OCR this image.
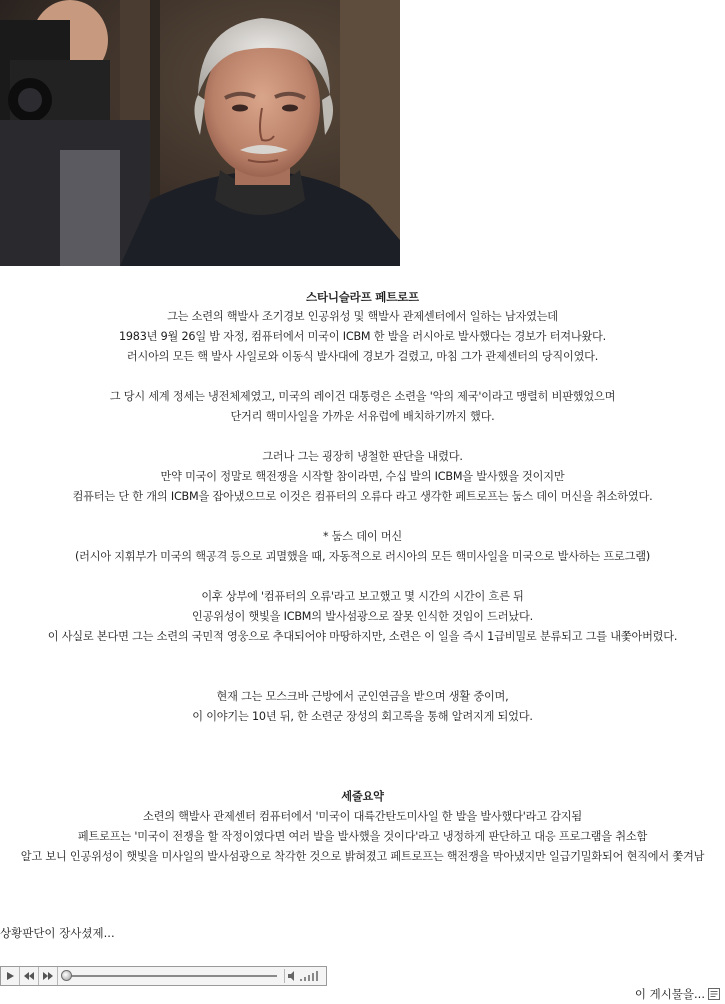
스타니슬라프 페트로프

그는 소련의 핵발사 조기경보 인공위성 및 핵발사 관제센터에서 일하는 남자였는데

1983년 9월 26일 밤 자정, 컴퓨터에서 미국이 ICBM 한 발을 러시아로 발사했다는 경보가 터져나왔다.

러시아의 모든 핵 발사 사일로와 이동식 발사대에 경보가 걸렸고, 마침 그가 관제센터의 당직이였다.

그 당시 세계 정세는 냉전체제였고, 미국의 레이건 대통령은 소련을 '악의 제국'이라고 맹렬히 비판했었으며

단거리 핵미사일을 가까운 서유럽에 배치하기까지 했다.

그러나 그는 굉장히 냉철한 판단을 내렸다.

만약 미국이 정말로 핵전쟁을 시작할 참이라면, 수십 발의 ICBM을 발사했을 것이지만

컴퓨터는 단 한 개의 ICBM을 잡아냈으므로 이것은 컴퓨터의 오류다 라고 생각한 페트로프는 둠스 데이 머신을 취소하였다.

* 둠스 데이 머신

(러시아 지휘부가 미국의 핵공격 등으로 괴멸했을 때, 자동적으로 러시아의 모든 핵미사일을 미국으로 발사하는 프로그램)

이후 상부에 '컴퓨터의 오류'라고 보고했고 몇 시간의 시간이 흐른 뒤

인공위성이 햇빛을 ICBM의 발사섬광으로 잘못 인식한 것임이 드러났다.

이 사실로 본다면 그는 소련의 국민적 영웅으로 추대되어야 마땅하지만, 소련은 이 일을 즉시 1급비밀로 분류되고 그를 내쫓아버렸다.

현재 그는 모스크바 근방에서 군인연금을 받으며 생활 중이며,

이 이야기는 10년 뒤, 한 소련군 장성의 회고록을 통해 알려지게 되었다.

세줄요약

소련의 핵발사 관제센터 컴퓨터에서 '미국이 대륙간탄도미사일 한 발을 발사했다'라고 감지됨

페트로프는 '미국이 전쟁을 할 작정이였다면 여러 발을 발사했을 것이다'라고 냉정하게 판단하고 대응 프로그램을 취소함

알고 보니 인공위성이 햇빛을 미사일의 발사섬광으로 착각한 것으로 밝혀졌고 페트로프는 핵전쟁을 막아냈지만 일급기밀화되어 현직에서 쫓겨남

상황판단이 장사셨제...
이 게시물을...
